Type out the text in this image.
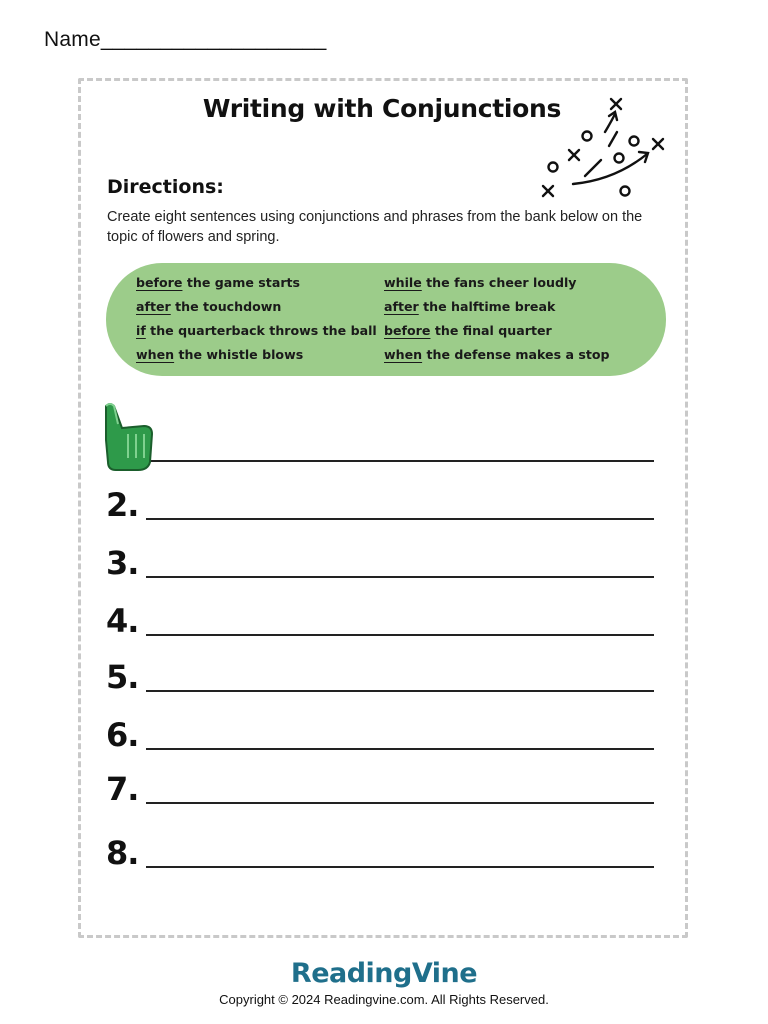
Name___________________
Writing with Conjunctions
Directions:
Create eight sentences using conjunctions and phrases from the bank below on the topic of flowers and spring.
before the game starts
after the touchdown
if the quarterback throws the ball
when the whistle blows
while the fans cheer loudly
after the halftime break
before the final quarter
when the defense makes a stop
2.
3.
4.
5.
6.
7.
8.
ReadingVine
Copyright © 2024 Readingvine.com. All Rights Reserved.
